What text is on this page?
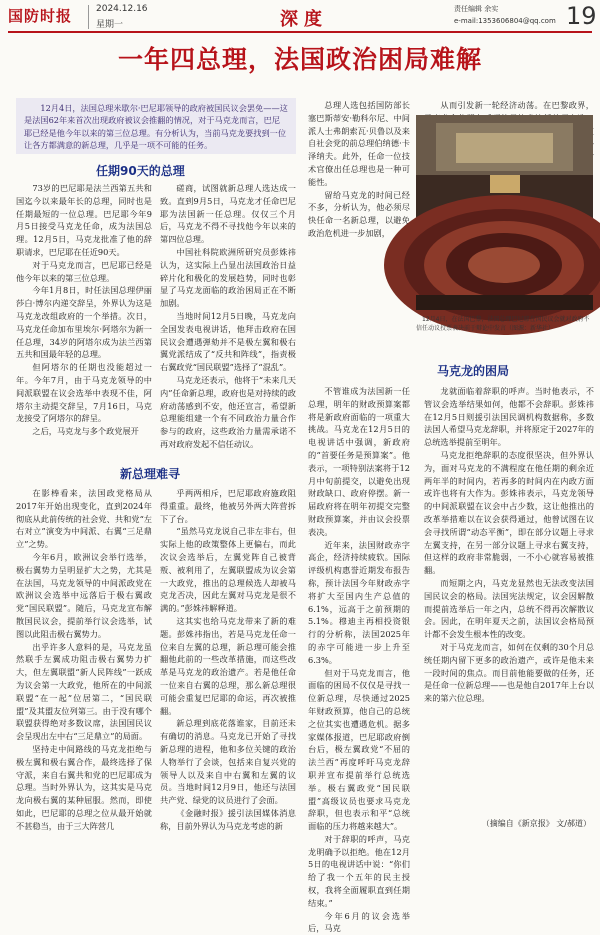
国防时报	2024.12.16
星期一	深度	责任编辑 余实
e-mail:1353606804@qq.com 19
一年四总理，法国政治困局难解
12月4日，法国总理米歇尔·巴尼耶领导的政府被国民议会罢免——这是法国62年来首次出现政府被议会推翻的情况，对于马克龙而言，巴尼耶已经是他今年以来的第三位总理。有分析认为，当前马克龙要找到一位让各方都满意的新总理，几乎是一项不可能的任务。
任期90天的总理
新总理难寻
马克龙的困局

73岁的巴尼耶是法兰西第五共和国迄今以来最年长的总理，同时也是任期最短的一位总理。巴尼耶今年9月5日接受马克龙任命，成为法国总理。12月5日，马克龙批准了他的辞职请求，巴尼耶在任近90天。

对于马克龙而言，巴尼耶已经是他今年以来的第三位总理。

今年1月8日，时任法国总理伊丽莎白·博尔内递交辞呈，外界认为这是马克龙改组政府的一个举措。次日，马克龙任命加布里埃尔·阿塔尔为新一任总理，34岁的阿塔尔成为法兰西第五共和国最年轻的总理。

但阿塔尔的任期也没能超过一年。今年7月，由于马克龙领导的中间派联盟在议会选举中表现不佳，阿塔尔主动提交辞呈，7月16日，马克龙接受了阿塔尔的辞呈。

之后，马克龙与多个政党展开

磋商，试图就新总理人选达成一致。直到9月5日，马克龙才任命巴尼耶为法国新一任总理。仅仅三个月后，马克龙不得不寻找他今年以来的第四位总理。

中国社科院欧洲所研究员彭姝祎认为，这实际上凸显出法国政治日益碎片化和极化的发展趋势，同时也彰显了马克龙面临的政治困局正在不断加剧。

当地时间12月5日晚，马克龙向全国发表电视讲话，他拜击政府在国民议会遭遇弹劾并不是极左翼和极右翼党派结成了“反共和阵线”，指责极右翼政党“国民联盟”选择了“混乱”。

马克龙还表示，他将于“未来几天内”任命新总理，政府也是对持续的政府动荡感到不安，他还宣言，希望新总理能组建一个有不同政治力量合作参与的政府，这些政治力量需承诺不再对政府发起不信任动议。

总理人选包括国防部长塞巴斯蒂安·勒科尔尼、中间派人士弗朗索瓦·贝鲁以及来自社会党的前总理伯纳德·卡泽纳夫。此外，任命一位技术官僚出任总理也是一种可能性。

留给马克龙的时间已经不多，分析认为，他必须尽快任命一名新总理，以避免政治危机进一步加剧，

从而引发新一轮经济动荡。在巴黎政界，

在影棒看来，法国政党格局从2017年开始出现变化，直到2024年彻底从此前传统的社会党、共和党“左右对立”演变为中间派、右翼“三足鼎立”之势。

今年6月，欧洲议会举行选举，极右翼势力呈明显扩大之势，尤其是在法国，马克龙领导的中间派政党在欧洲议会选举中远落后于极右翼政党“国民联盟”。随后，马克龙宣布解散国民议会，提前举行议会选举，试图以此阻击极右翼势力。

出乎许多人意料的是，马克龙虽然联手左翼成功阻击极右翼势力扩大，但左翼联盟“新人民阵线”一跃成为议会第一大政党，他所在的中间派联盟“在一起”位居第二，“国民联盟”及其盟友位列第三。由于没有哪个联盟获得绝对多数议席，法国国民议会呈现出左中右“三足鼎立”的局面。

坚持走中间路线的马克龙拒绝与极左翼和极右翼合作，最终选择了保守派，来自右翼共和党的巴尼耶成为总理。当时外界认为，这其实是马克龙向极右翼的某种屈服。然而，即使如此，巴尼耶的总理之位从最开始就不甚稳当，由于三大阵营几

乎两两相斥，巴尼耶政府施政阻得重重。最终，他被另外两大阵营拆下了台。

“虽然马克龙说自己非左非右，但实际上他的政策整体上更偏右，而此次议会选举后，左翼党阵自己被背叛、被利用了，左翼联盟成为议会第一大政党，推出的总理候选人却被马克龙否决，因此左翼对马克龙是很不满的。”彭姝祎解释道。

这其实也给马克龙带来了新的难题。彭姝祎指出，若是马克龙任命一位来自左翼的总理，新总理可能会推翻他此前的一些改革措施，而这些改革是马克龙的政治遗产。若是他任命一位来自右翼的总理，那么新总理很可能会重复巴尼耶的命运，再次被推翻。

新总理到底花落谁家，目前还未有确切的消息。马克龙已开始了寻找新总理的进程，他和多位关键的政治人物举行了会谈，包括来自复兴党的领导人以及来自中右翼和左翼的议员。当地时间12月9日，他还与法国共产党、绿党的议员进行了会面。

《金融时报》援引法国媒体消息称，目前外界认为马克龙考虑的新

不管谁成为法国新一任总理，明年的财政预算案都将是新政府面临的一项重大挑战。马克龙在12月5日的电视讲话中强调，新政府的“首要任务是预算案”。他表示，一项特别法案将于12月中旬前提交，以避免出现财政缺口、政府停摆。新一届政府将在明年初提交完整财政预算案，并由议会投票表决。

近年来，法国财政赤字高企，经济持续疲软。国际评级机构惠誉近期发布报告称，预计法国今年财政赤字将扩大至国内生产总值的6.1%，远高于之前预期的5.1%。穆迪主再相投资银行的分析称，法国2025年的赤字可能进一步上升至6.3%。

但对于马克龙而言，他面临的困局不仅仅是寻找一位新总理，尽快通过2025年财政预算，他自己的总统之位其实也遭遇危机。据多家媒体报道，巴尼耶政府倒台后，极左翼政党“不屈的法兰西”再度呼吁马克龙辞职并宣布提前举行总统选举。极右翼政党“国民联盟”高级议员也要求马克龙辞职，但也表示和平“总统面临的压力将越来越大”。

对于辞职的呼声，马克龙明确予以拒绝。他在12月5日的电视讲话中说：“你们给了我一个五年的民主授权，我将全面履职直到任期结束。”

今年6月的议会选举后，马克

龙就面临着辞职的呼声。当时他表示，不管议会选举结果如何，他都不会辞职。彭姝祎在12月5日则援引法国民调机构数据称，多数法国人希望马克龙辞职，并将原定于2027年的总统选举提前至明年。

马克龙拒绝辞职的态度很坚决，但外界认为，面对马克龙的不满程度在他任期的剩余近两年半的时间内，若再多的时间内在内政方面或许也将有大作为。彭姝祎表示，马克龙领导的中间派联盟在议会中占少数，这让他推出的改革举措难以在议会获得通过，他曾试图在议会寻找所谓“动态平衡”，即在部分议题上寻求左翼支持，在另一部分议题上寻求右翼支持，但这样的政府非常脆弱，一不小心就容易被推翻。

而短期之内，马克龙显然也无法改变法国国民议会的格局。法国宪法规定，议会因解散而提前选举后一年之内，总统不得再次解散议会。因此，在明年夏天之前，法国议会格局预计都不会发生根本性的改变。

对于马克龙而言，如何在仅剩的30个月总统任期内留下更多的政治遗产，或许是他未来一段时间的焦点。而目前他能要做的任务，还是任命一位新总理——也是他自2017年上台以来的第六位总理。

12月4日，在法国巴黎，法国总理巴尼耶在国民议会就对政府不信任动议投票表决前于辩论中发言（图源：新华社）
（摘编自《新京报》 文/郝道）
